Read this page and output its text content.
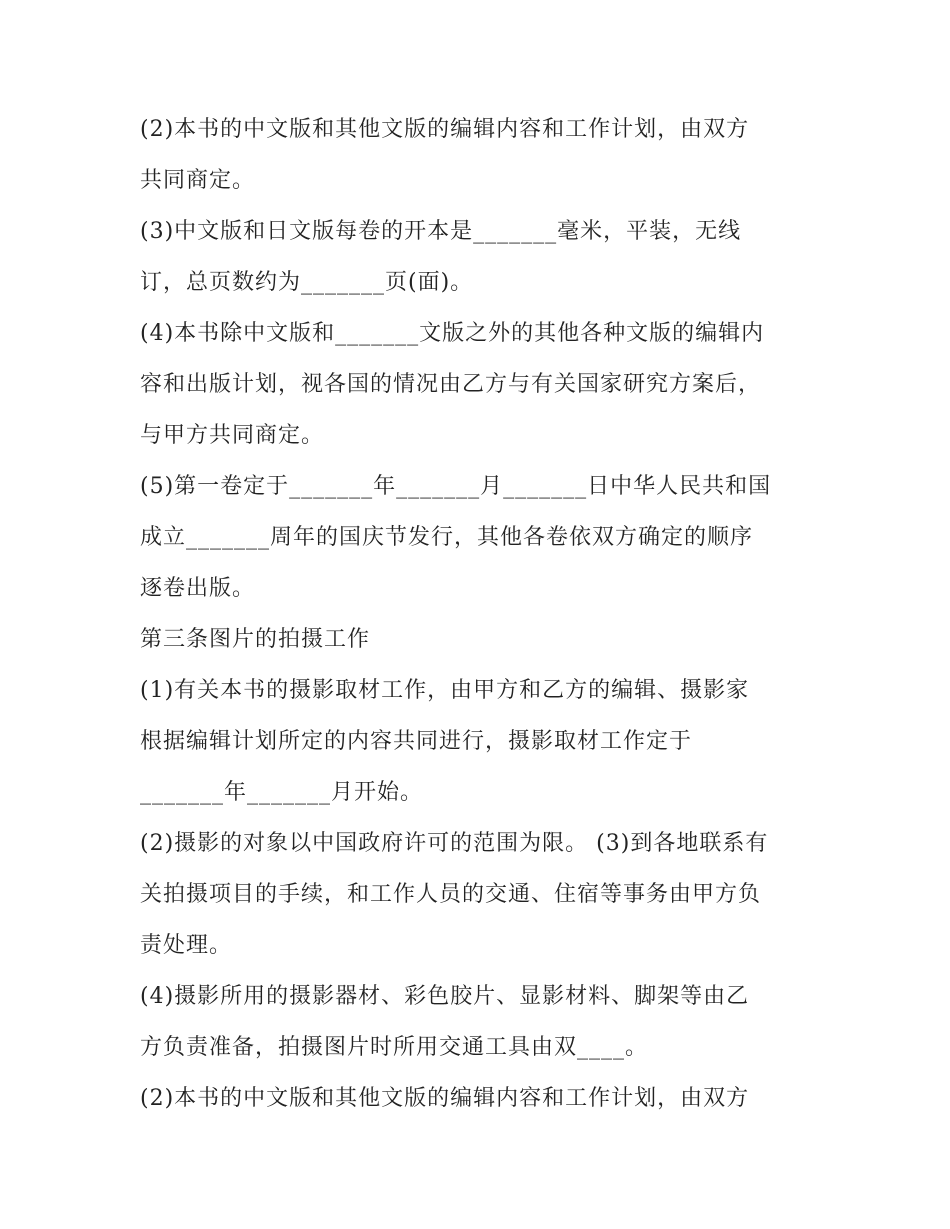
(2)本书的中文版和其他文版的编辑内容和工作计划，由双方
共同商定。
(3)中文版和日文版每卷的开本是_______毫米，平装，无线
订，总页数约为_______页(面)。
(4)本书除中文版和_______文版之外的其他各种文版的编辑内
容和出版计划，视各国的情况由乙方与有关国家研究方案后，
与甲方共同商定。
(5)第一卷定于_______年_______月_______日中华人民共和国
成立_______周年的国庆节发行，其他各卷依双方确定的顺序
逐卷出版。
第三条图片的拍摄工作
(1)有关本书的摄影取材工作，由甲方和乙方的编辑、摄影家
根据编辑计划所定的内容共同进行，摄影取材工作定于
_______年_______月开始。
(2)摄影的对象以中国政府许可的范围为限。 (3)到各地联系有
关拍摄项目的手续，和工作人员的交通、住宿等事务由甲方负
责处理。
(4)摄影所用的摄影器材、彩色胶片、显影材料、脚架等由乙
方负责准备，拍摄图片时所用交通工具由双____。
(2)本书的中文版和其他文版的编辑内容和工作计划，由双方
